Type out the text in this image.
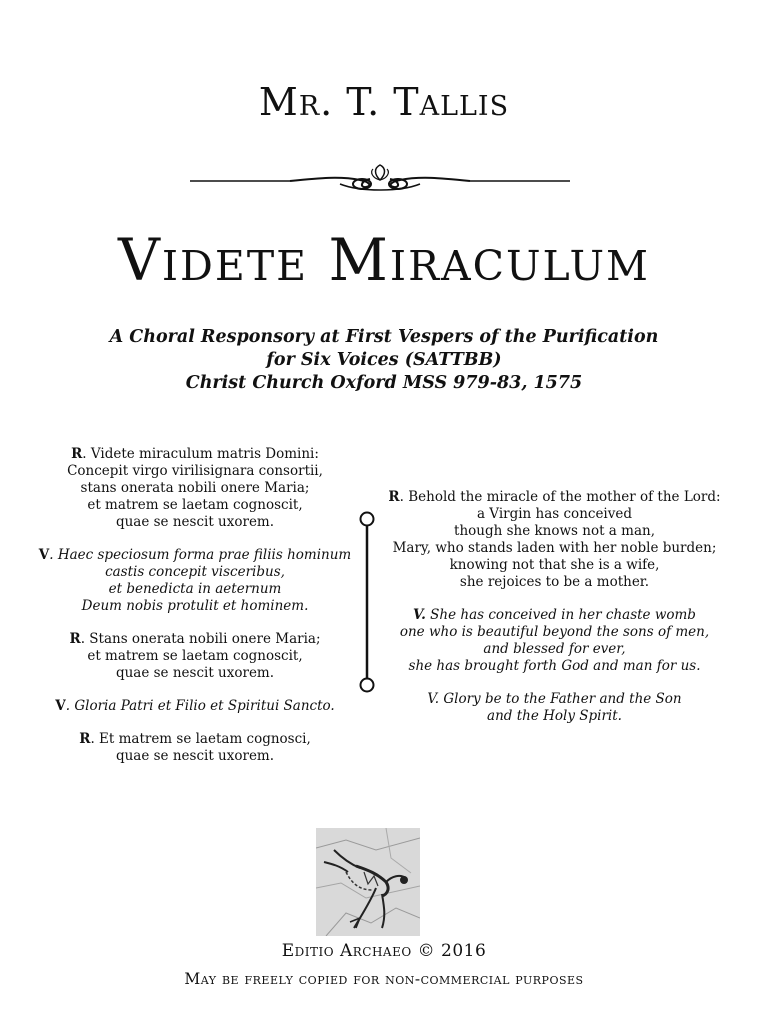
Mr. T. Tallis
Videte Miraculum
A Choral Responsory at First Vespers of the Purification
for Six Voices (SATTBB)
Christ Church Oxford MSS 979-83, 1575

R. Videte miraculum matris Domini:
Concepit virgo virilisignara consortii,
stans onerata nobili onere Maria;
et matrem se laetam cognoscit,
quae se nescit uxorem.

V. Haec speciosum forma prae filiis hominum
castis concepit visceribus,
et benedicta in aeternum
Deum nobis protulit et hominem.

R. Stans onerata nobili onere Maria;
et matrem se laetam cognoscit,
quae se nescit uxorem.

V. Gloria Patri et Filio et Spiritui Sancto.

R. Et matrem se laetam cognosci,
quae se nescit uxorem.

R. Behold the miracle of the mother of the Lord:
a Virgin has conceived
though she knows not a man,
Mary, who stands laden with her noble burden;
knowing not that she is a wife,
she rejoices to be a mother.

V. She has conceived in her chaste womb
one who is beautiful beyond the sons of men,
and blessed for ever,
she has brought forth God and man for us.

V. Glory be to the Father and the Son
and the Holy Spirit.

Editio Archaeo © 2016
May be freely copied for non-commercial purposes
